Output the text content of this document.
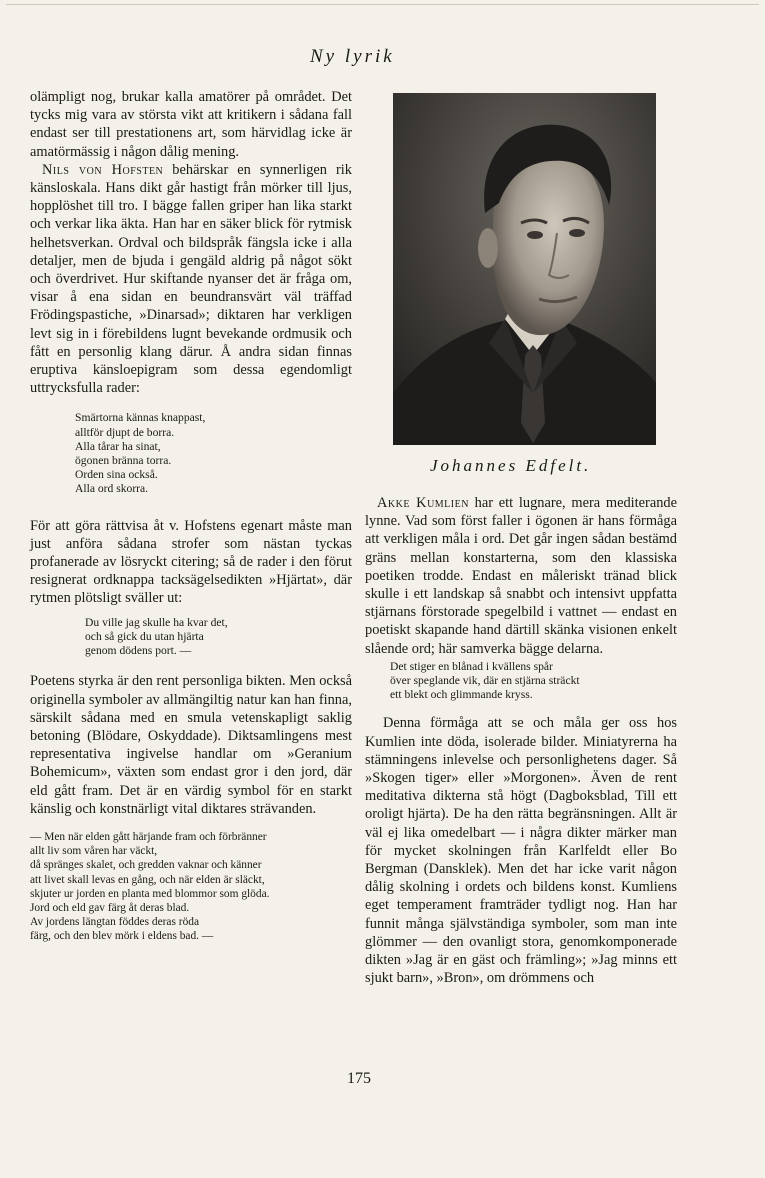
Ny lyrik

olämpligt nog, brukar kalla amatörer på området. Det tycks mig vara av största vikt att kritikern i sådana fall endast ser till prestationens art, som härvidlag icke är amatörmässig i någon dålig mening.

Nils von Hofsten behärskar en synnerligen rik känsloskala. Hans dikt går hastigt från mörker till ljus, hopplöshet till tro. I bägge fallen griper han lika starkt och verkar lika äkta. Han har en säker blick för rytmisk helhetsverkan. Ordval och bildspråk fängsla icke i alla detaljer, men de bjuda i gengäld aldrig på något sökt och överdrivet. Hur skiftande nyanser det är fråga om, visar å ena sidan en beundransvärt väl träffad Frödingspastiche, »Dinarsad»; diktaren har verkligen levt sig in i förebildens lugnt bevekande ordmusik och fått en personlig klang därur. Å andra sidan finnas eruptiva känsloepigram som dessa egendomligt uttrycksfulla rader:

Smärtorna kännas knappast,
alltför djupt de borra.
Alla tårar ha sinat,
ögonen bränna torra.
Orden sina också.
Alla ord skorra.

För att göra rättvisa åt v. Hofstens egenart måste man just anföra sådana strofer som nästan tyckas profanerade av lösryckt citering; så de rader i den förut resignerat ordknappa tacksägelsedikten »Hjärtat», där rytmen plötsligt sväller ut:

Du ville jag skulle ha kvar det,
och så gick du utan hjärta
genom dödens port. —

Poetens styrka är den rent personliga bikten. Men också originella symboler av allmängiltig natur kan han finna, särskilt sådana med en smula vetenskapligt saklig betoning (Blödare, Oskyddade). Diktsamlingens mest representativa ingivelse handlar om »Geranium Bohemicum», växten som endast gror i den jord, där eld gått fram. Det är en värdig symbol för en starkt känslig och konstnärligt vital diktares strävanden.

— Men när elden gått härjande fram och förbränner
allt liv som våren har väckt,
då spränges skalet, och gredden vaknar och känner
att livet skall levas en gång, och när elden är släckt,
skjuter ur jorden en planta med blommor som glöda.
Jord och eld gav färg åt deras blad.
Av jordens längtan föddes deras röda
färg, och den blev mörk i eldens bad. —
Johannes Edfelt.

Akke Kumlien har ett lugnare, mera mediterande lynne. Vad som först faller i ögonen är hans förmåga att verkligen måla i ord. Det går ingen sådan bestämd gräns mellan konstarterna, som den klassiska poetiken trodde. Endast en måleriskt tränad blick skulle i ett landskap så snabbt och intensivt uppfatta stjärnans förstorade spegelbild i vattnet — endast en poetiskt skapande hand därtill skänka visionen enkelt slående ord; här samverka bägge delarna.

Det stiger en blånad i kvällens spår
över speglande vik, där en stjärna sträckt
ett blekt och glimmande kryss.

Denna förmåga att se och måla ger oss hos Kumlien inte döda, isolerade bilder. Miniatyrerna ha stämningens inlevelse och personlighetens dager. Så »Skogen tiger» eller »Morgonen». Även de rent meditativa dikterna stå högt (Dagboksblad, Till ett oroligt hjärta). De ha den rätta begränsningen. Allt är väl ej lika omedelbart — i några dikter märker man för mycket skolningen från Karlfeldt eller Bo Bergman (Dansklek). Men det har icke varit någon dålig skolning i ordets och bildens konst. Kumliens eget temperament framträder tydligt nog. Han har funnit många självständiga symboler, som man inte glömmer — den ovanligt stora, genomkomponerade dikten »Jag är en gäst och främling»; »Jag minns ett sjukt barn», »Bron», om drömmens och

175
